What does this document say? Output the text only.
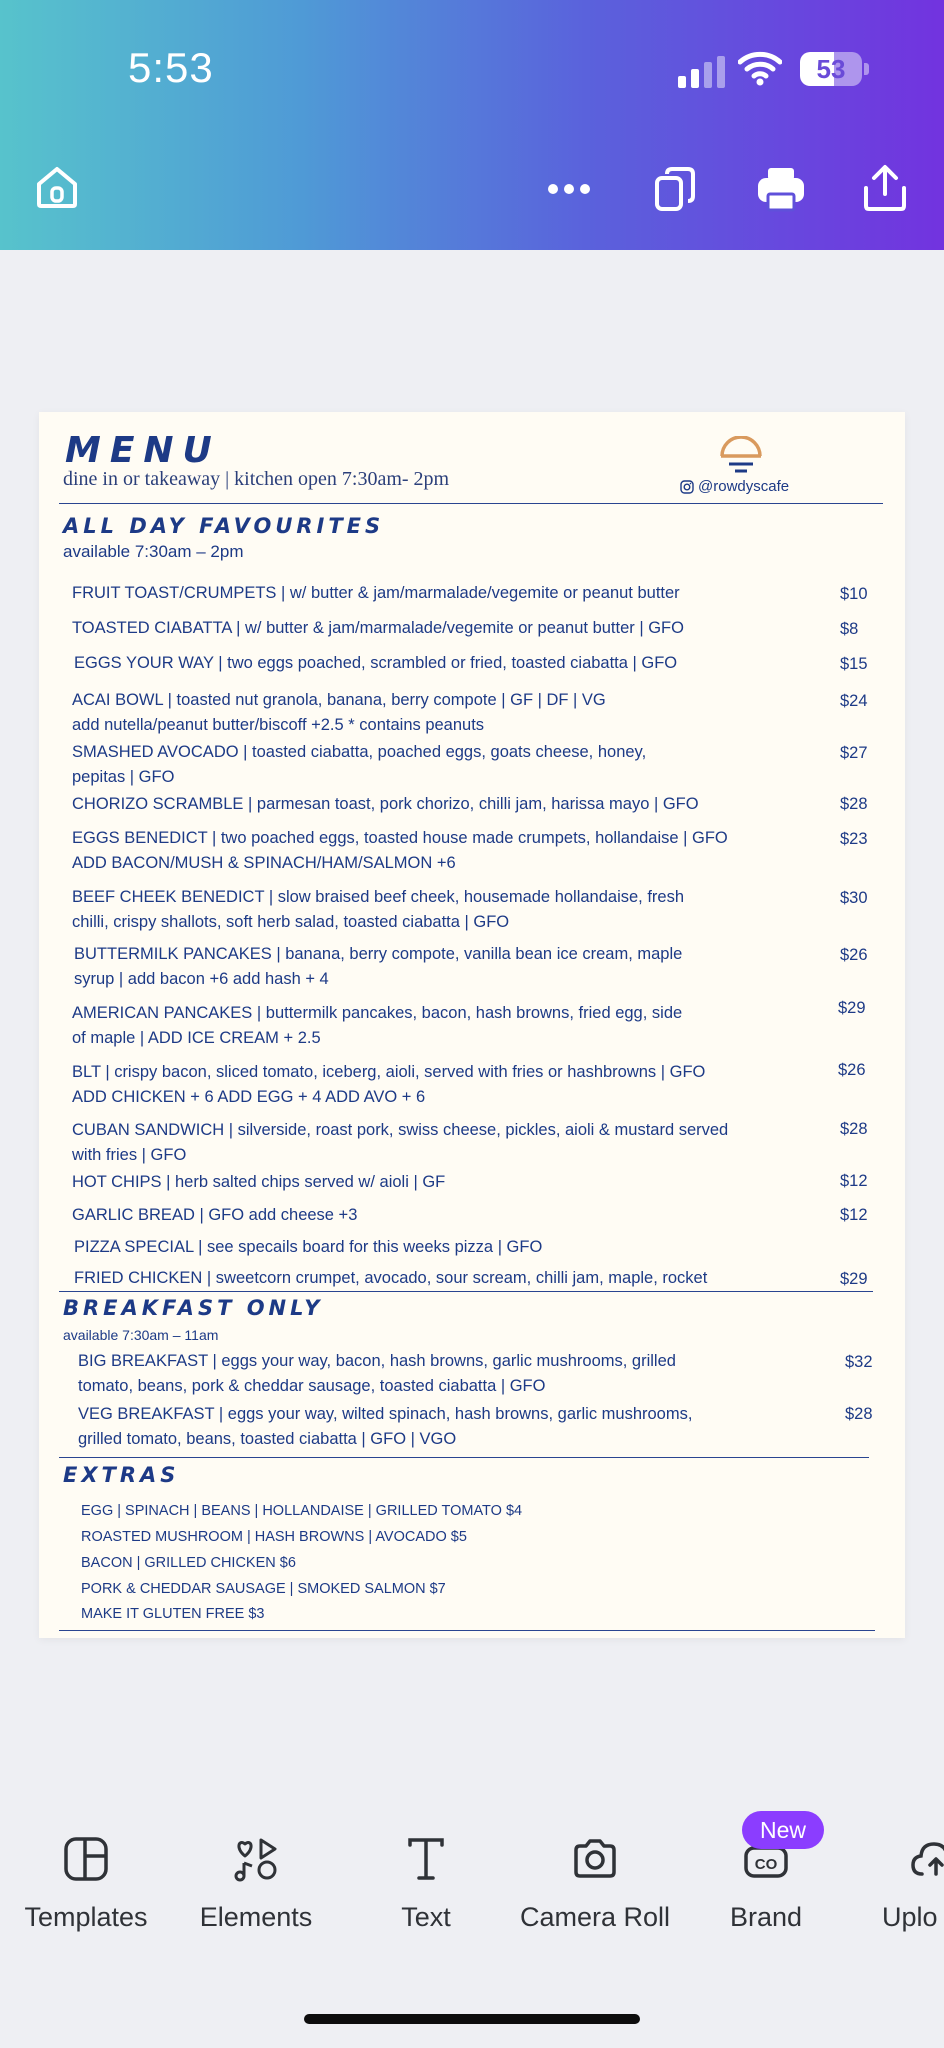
5:53	53
MENU
dine in or takeaway | kitchen open 7:30am- 2pm	@rowdyscafe
ALL DAY FAVOURITES
available 7:30am – 2pm
FRUIT TOAST/CRUMPETS | w/ butter & jam/marmalade/vegemite or peanut butter	$10
TOASTED CIABATTA | w/ butter & jam/marmalade/vegemite or peanut butter | GFO	$8
EGGS YOUR WAY | two eggs poached, scrambled or fried, toasted ciabatta | GFO	$15
ACAI BOWL | toasted nut granola, banana, berry compote | GF | DF | VG
add nutella/peanut butter/biscoff +2.5 * contains peanuts
$24
SMASHED AVOCADO | toasted ciabatta, poached eggs, goats cheese, honey,
pepitas | GFO
$27
CHORIZO SCRAMBLE | parmesan toast, pork chorizo, chilli jam, harissa mayo | GFO	$28
EGGS BENEDICT | two poached eggs, toasted house made crumpets, hollandaise | GFO
ADD BACON/MUSH & SPINACH/HAM/SALMON +6
$23
BEEF CHEEK BENEDICT | slow braised beef cheek, housemade hollandaise, fresh
chilli, crispy shallots, soft herb salad, toasted ciabatta | GFO
$30
BUTTERMILK PANCAKES | banana, berry compote, vanilla bean ice cream, maple
syrup | add bacon +6 add hash + 4
$26
AMERICAN PANCAKES | buttermilk pancakes, bacon, hash browns, fried egg, side
of maple | ADD ICE CREAM + 2.5
$29
BLT | crispy bacon, sliced tomato, iceberg, aioli, served with fries or hashbrowns | GFO
ADD CHICKEN + 6 ADD EGG + 4 ADD AVO + 6
$26
CUBAN SANDWICH | silverside, roast pork, swiss cheese, pickles, aioli & mustard served
with fries | GFO
$28
HOT CHIPS | herb salted chips served w/ aioli | GF	$12
GARLIC BREAD | GFO add cheese +3	$12
PIZZA SPECIAL | see specails board for this weeks pizza | GFO
FRIED CHICKEN | sweetcorn crumpet, avocado, sour scream, chilli jam, maple, rocket	$29
BREAKFAST ONLY
available 7:30am – 11am
BIG BREAKFAST | eggs your way, bacon, hash browns, garlic mushrooms, grilled
tomato, beans, pork & cheddar sausage, toasted ciabatta | GFO
$32
VEG BREAKFAST | eggs your way, wilted spinach, hash browns, garlic mushrooms,
grilled tomato, beans, toasted ciabatta | GFO | VGO
$28
EXTRAS
EGG | SPINACH | BEANS | HOLLANDAISE | GRILLED TOMATO $4
ROASTED MUSHROOM | HASH BROWNS | AVOCADO $5
BACON | GRILLED CHICKEN $6
PORK & CHEDDAR SAUSAGE | SMOKED SALMON $7
MAKE IT GLUTEN FREE $3
Templates	Elements	Text	Camera Roll
CO
Brand
New
Uplo
